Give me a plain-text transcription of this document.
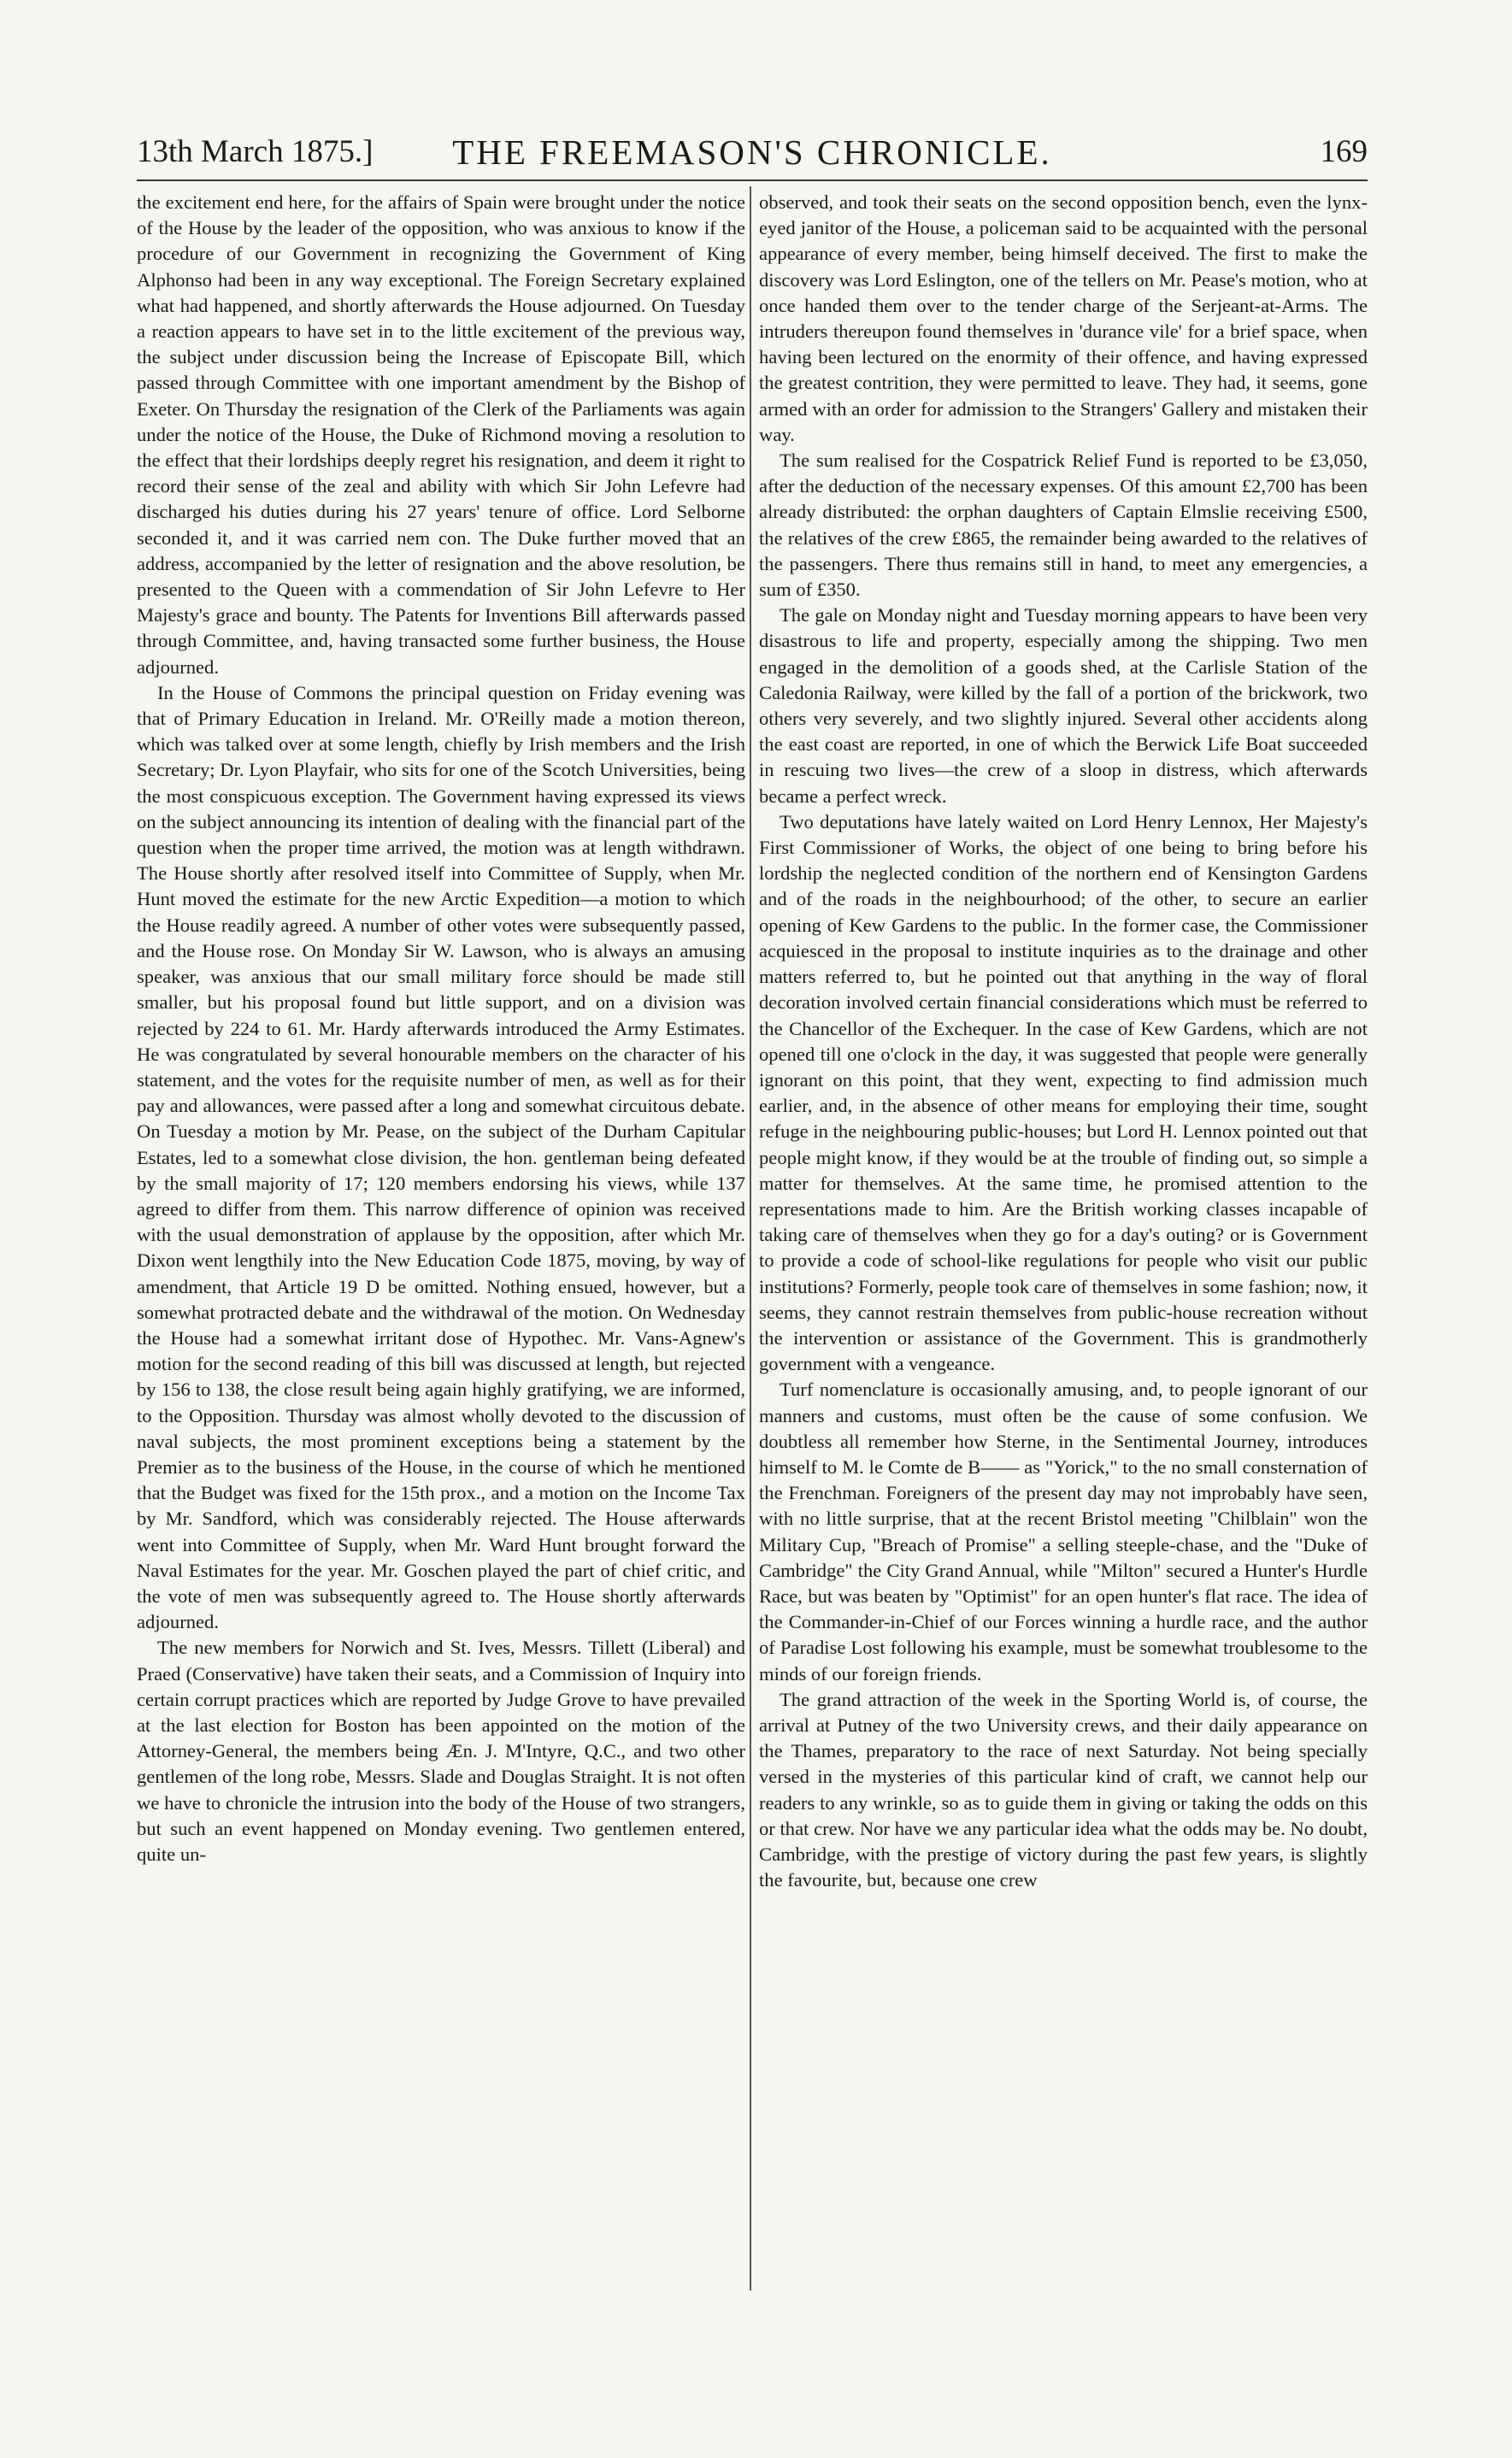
13th March 1875.]	THE FREEMASON'S CHRONICLE.	169

the excitement end here, for the affairs of Spain were brought under the notice of the House by the leader of the opposition, who was anxious to know if the procedure of our Government in recognizing the Government of King Alphonso had been in any way exceptional. The Foreign Secretary explained what had happened, and shortly afterwards the House adjourned. On Tuesday a reaction appears to have set in to the little excitement of the previous way, the subject under discussion being the Increase of Episcopate Bill, which passed through Committee with one important amendment by the Bishop of Exeter. On Thursday the resignation of the Clerk of the Parliaments was again under the notice of the House, the Duke of Richmond moving a resolution to the effect that their lordships deeply regret his resignation, and deem it right to record their sense of the zeal and ability with which Sir John Lefevre had discharged his duties during his 27 years' tenure of office. Lord Selborne seconded it, and it was carried nem con. The Duke further moved that an address, accompanied by the letter of resignation and the above resolution, be presented to the Queen with a commendation of Sir John Lefevre to Her Majesty's grace and bounty. The Patents for Inventions Bill afterwards passed through Committee, and, having transacted some further business, the House adjourned.

In the House of Commons the principal question on Friday evening was that of Primary Education in Ireland. Mr. O'Reilly made a motion thereon, which was talked over at some length, chiefly by Irish members and the Irish Secretary; Dr. Lyon Playfair, who sits for one of the Scotch Universities, being the most conspicuous exception. The Government having expressed its views on the subject announcing its intention of dealing with the financial part of the question when the proper time arrived, the motion was at length withdrawn. The House shortly after resolved itself into Committee of Supply, when Mr. Hunt moved the estimate for the new Arctic Expedition—a motion to which the House readily agreed. A number of other votes were subsequently passed, and the House rose. On Monday Sir W. Lawson, who is always an amusing speaker, was anxious that our small military force should be made still smaller, but his proposal found but little support, and on a division was rejected by 224 to 61. Mr. Hardy afterwards introduced the Army Estimates. He was congratulated by several honourable members on the character of his statement, and the votes for the requisite number of men, as well as for their pay and allowances, were passed after a long and somewhat circuitous debate. On Tuesday a motion by Mr. Pease, on the subject of the Durham Capitular Estates, led to a somewhat close division, the hon. gentleman being defeated by the small majority of 17; 120 members endorsing his views, while 137 agreed to differ from them. This narrow difference of opinion was received with the usual demonstration of applause by the opposition, after which Mr. Dixon went lengthily into the New Education Code 1875, moving, by way of amendment, that Article 19 D be omitted. Nothing ensued, however, but a somewhat protracted debate and the withdrawal of the motion. On Wednesday the House had a somewhat irritant dose of Hypothec. Mr. Vans-Agnew's motion for the second reading of this bill was discussed at length, but rejected by 156 to 138, the close result being again highly gratifying, we are informed, to the Opposition. Thursday was almost wholly devoted to the discussion of naval subjects, the most prominent exceptions being a statement by the Premier as to the business of the House, in the course of which he mentioned that the Budget was fixed for the 15th prox., and a motion on the Income Tax by Mr. Sandford, which was considerably rejected. The House afterwards went into Committee of Supply, when Mr. Ward Hunt brought forward the Naval Estimates for the year. Mr. Goschen played the part of chief critic, and the vote of men was subsequently agreed to. The House shortly afterwards adjourned.

The new members for Norwich and St. Ives, Messrs. Tillett (Liberal) and Praed (Conservative) have taken their seats, and a Commission of Inquiry into certain corrupt practices which are reported by Judge Grove to have prevailed at the last election for Boston has been appointed on the motion of the Attorney-General, the members being Æn. J. M'Intyre, Q.C., and two other gentlemen of the long robe, Messrs. Slade and Douglas Straight. It is not often we have to chronicle the intrusion into the body of the House of two strangers, but such an event happened on Monday evening. Two gentlemen entered, quite un-

observed, and took their seats on the second opposition bench, even the lynx-eyed janitor of the House, a policeman said to be acquainted with the personal appearance of every member, being himself deceived. The first to make the discovery was Lord Eslington, one of the tellers on Mr. Pease's motion, who at once handed them over to the tender charge of the Serjeant-at-Arms. The intruders thereupon found themselves in 'durance vile' for a brief space, when having been lectured on the enormity of their offence, and having expressed the greatest contrition, they were permitted to leave. They had, it seems, gone armed with an order for admission to the Strangers' Gallery and mistaken their way.

The sum realised for the Cospatrick Relief Fund is reported to be £3,050, after the deduction of the necessary expenses. Of this amount £2,700 has been already distributed: the orphan daughters of Captain Elmslie receiving £500, the relatives of the crew £865, the remainder being awarded to the relatives of the passengers. There thus remains still in hand, to meet any emergencies, a sum of £350.

The gale on Monday night and Tuesday morning appears to have been very disastrous to life and property, especially among the shipping. Two men engaged in the demolition of a goods shed, at the Carlisle Station of the Caledonia Railway, were killed by the fall of a portion of the brickwork, two others very severely, and two slightly injured. Several other accidents along the east coast are reported, in one of which the Berwick Life Boat succeeded in rescuing two lives—the crew of a sloop in distress, which afterwards became a perfect wreck.

Two deputations have lately waited on Lord Henry Lennox, Her Majesty's First Commissioner of Works, the object of one being to bring before his lordship the neglected condition of the northern end of Kensington Gardens and of the roads in the neighbourhood; of the other, to secure an earlier opening of Kew Gardens to the public. In the former case, the Commissioner acquiesced in the proposal to institute inquiries as to the drainage and other matters referred to, but he pointed out that anything in the way of floral decoration involved certain financial considerations which must be referred to the Chancellor of the Exchequer. In the case of Kew Gardens, which are not opened till one o'clock in the day, it was suggested that people were generally ignorant on this point, that they went, expecting to find admission much earlier, and, in the absence of other means for employing their time, sought refuge in the neighbouring public-houses; but Lord H. Lennox pointed out that people might know, if they would be at the trouble of finding out, so simple a matter for themselves. At the same time, he promised attention to the representations made to him. Are the British working classes incapable of taking care of themselves when they go for a day's outing? or is Government to provide a code of school-like regulations for people who visit our public institutions? Formerly, people took care of themselves in some fashion; now, it seems, they cannot restrain themselves from public-house recreation without the intervention or assistance of the Government. This is grandmotherly government with a vengeance.

Turf nomenclature is occasionally amusing, and, to people ignorant of our manners and customs, must often be the cause of some confusion. We doubtless all remember how Sterne, in the Sentimental Journey, introduces himself to M. le Comte de B—— as "Yorick," to the no small consternation of the Frenchman. Foreigners of the present day may not improbably have seen, with no little surprise, that at the recent Bristol meeting "Chilblain" won the Military Cup, "Breach of Promise" a selling steeple-chase, and the "Duke of Cambridge" the City Grand Annual, while "Milton" secured a Hunter's Hurdle Race, but was beaten by "Optimist" for an open hunter's flat race. The idea of the Commander-in-Chief of our Forces winning a hurdle race, and the author of Paradise Lost following his example, must be somewhat troublesome to the minds of our foreign friends.

The grand attraction of the week in the Sporting World is, of course, the arrival at Putney of the two University crews, and their daily appearance on the Thames, preparatory to the race of next Saturday. Not being specially versed in the mysteries of this particular kind of craft, we cannot help our readers to any wrinkle, so as to guide them in giving or taking the odds on this or that crew. Nor have we any particular idea what the odds may be. No doubt, Cambridge, with the prestige of victory during the past few years, is slightly the favourite, but, because one crew
